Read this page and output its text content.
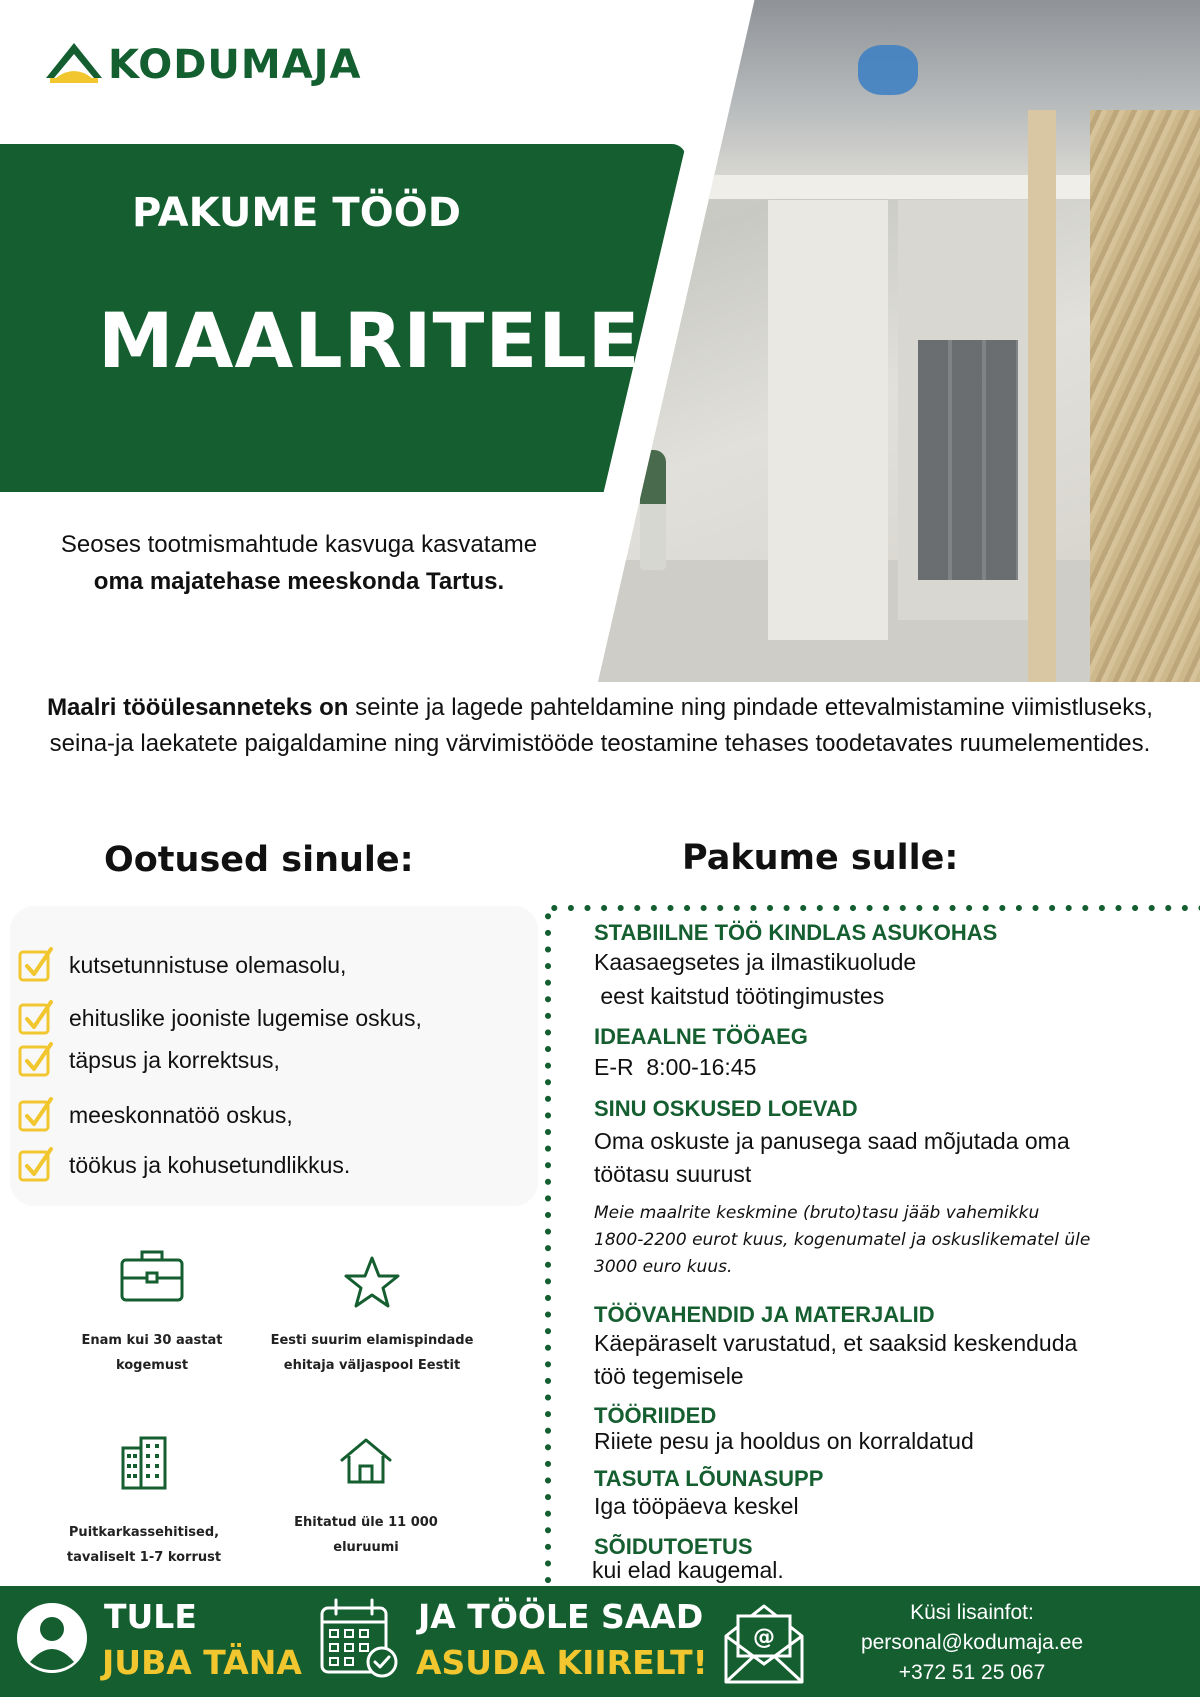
KODUMAJA
PAKUME TÖÖD
MAALRITELE
Seoses tootmismahtude kasvuga kasvatame
oma majatehase meeskonda Tartus.
Maalri tööülesanneteks on seinte ja lagede pahteldamine ning pindade ettevalmistamine viimistluseks, seina-ja laekatete paigaldamine ning värvimistööde teostamine tehases toodetavates ruumelementides.
Ootused sinule:	Pakume sulle:
kutsetunnistuse olemasolu,
ehituslike jooniste lugemise oskus,
täpsus ja korrektsus,
meeskonnatöö oskus,
töökus ja kohusetundlikkus.
Enam kui 30 aastat
kogemust
Eesti suurim elamispindade
ehitaja väljaspool Eestit
Puitkarkassehitised,
tavaliselt 1-7 korrust
Ehitatud üle 11 000
eluruumi
STABIILNE TÖÖ KINDLAS ASUKOHAS
Kaasaegsetes ja ilmastikuolude
eest kaitstud töötingimustes
IDEAALNE TÖÖAEG
E-R  8:00-16:45
SINU OSKUSED LOEVAD
Oma oskuste ja panusega saad mõjutada oma
töötasu suurust
Meie maalrite keskmine (bruto)tasu jääb vahemikku
1800-2200 eurot kuus, kogenumatel ja oskuslikematel üle
3000 euro kuus.
TÖÖVAHENDID JA MATERJALID
Käepäraselt varustatud, et saaksid keskenduda
töö tegemisele
TÖÖRIIDED
Riiete pesu ja hooldus on korraldatud
TASUTA LÕUNASUPP
Iga tööpäeva keskel
SÕIDUTOETUS
kui elad kaugemal.
TULE
JUBA TÄNA
JA TÖÖLE SAAD
ASUDA KIIRELT!
@
Küsi lisainfot:
personal@kodumaja.ee
+372 51 25 067
